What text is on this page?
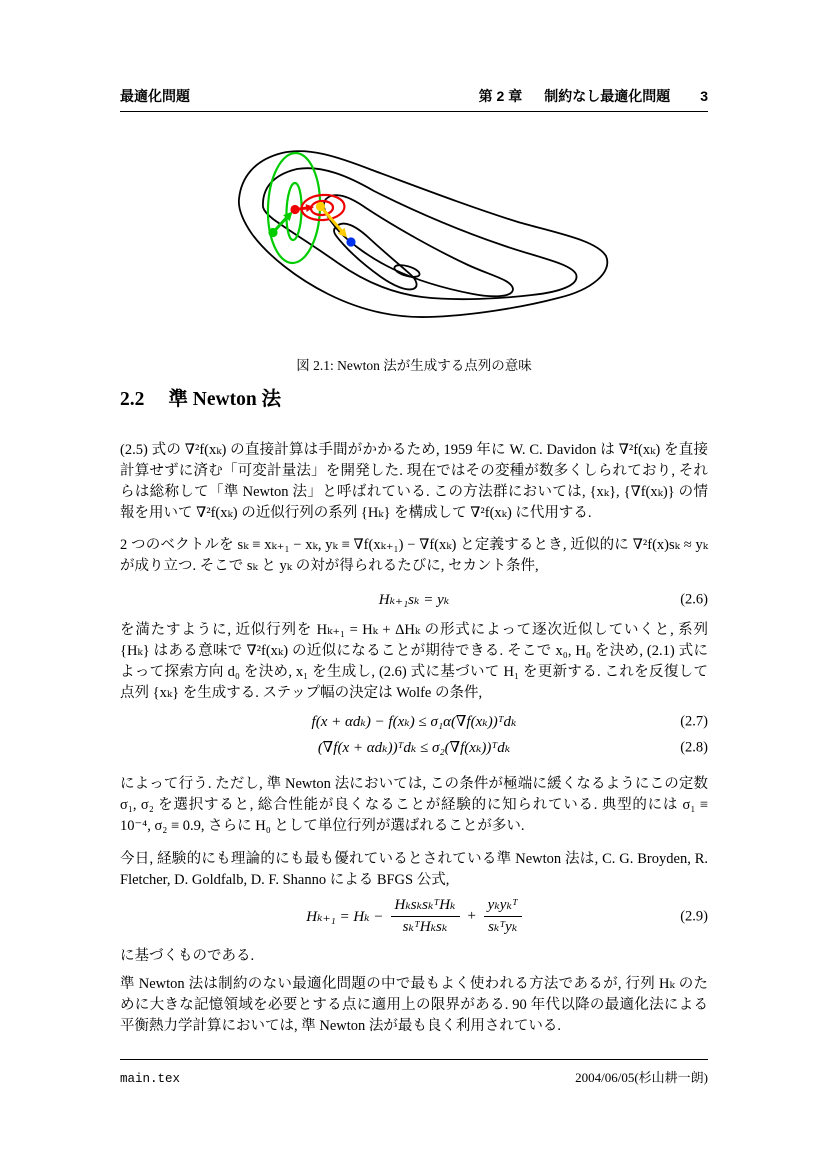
最適化問題	第 2 章 制約なし最適化問題 3
図 2.1: Newton 法が生成する点列の意味
2.2 準 Newton 法
(2.5) 式の ∇²f(xₖ) の直接計算は手間がかかるため, 1959 年に W. C. Davidon は ∇²f(xₖ) を直接計算せずに済む「可変計量法」を開発した. 現在ではその変種が数多くしられており, それらは総称して「準 Newton 法」と呼ばれている. この方法群においては, {xₖ}, {∇f(xₖ)} の情報を用いて ∇²f(xₖ) の近似行列の系列 {Hₖ} を構成して ∇²f(xₖ) に代用する.
2 つのベクトルを sₖ ≡ xₖ₊₁ − xₖ, yₖ ≡ ∇f(xₖ₊₁) − ∇f(xₖ) と定義するとき, 近似的に ∇²f(x)sₖ ≈ yₖ が成り立つ. そこで sₖ と yₖ の対が得られるたびに, セカント条件,
Hₖ₊₁sₖ = yₖ	(2.6)
を満たすように, 近似行列を Hₖ₊₁ = Hₖ + ΔHₖ の形式によって逐次近似していくと, 系列 {Hₖ} はある意味で ∇²f(xₖ) の近似になることが期待できる. そこで x₀, H₀ を決め, (2.1) 式によって探索方向 d₀ を決め, x₁ を生成し, (2.6) 式に基づいて H₁ を更新する. これを反復して点列 {xₖ} を生成する. ステップ幅の決定は Wolfe の条件,
f(x + αdₖ) − f(xₖ) ≤ σ₁α(∇f(xₖ))ᵀdₖ	(2.7)
(∇f(x + αdₖ))ᵀdₖ ≤ σ₂(∇f(xₖ))ᵀdₖ	(2.8)
によって行う. ただし, 準 Newton 法においては, この条件が極端に緩くなるようにこの定数 σ₁, σ₂ を選択すると, 総合性能が良くなることが経験的に知られている. 典型的には σ₁ ≡ 10⁻⁴, σ₂ ≡ 0.9, さらに H₀ として単位行列が選ばれることが多い.
今日, 経験的にも理論的にも最も優れているとされている準 Newton 法は, C. G. Broyden, R. Fletcher, D. Goldfalb, D. F. Shanno による BFGS 公式,
$H_{k+1} = H_k - \frac{\text{HₖsₖsₖᵀHₖ}}{\text{sₖᵀHₖsₖ}} + \frac{\text{yₖyₖᵀ}}{\text{sₖᵀyₖ}}$	(2.9)
に基づくものである.
準 Newton 法は制約のない最適化問題の中で最もよく使われる方法であるが, 行列 Hₖ のために大きな記憶領域を必要とする点に適用上の限界がある. 90 年代以降の最適化法による平衡熱力学計算においては, 準 Newton 法が最も良く利用されている.
main.tex	2004/06/05(杉山耕一朗)
